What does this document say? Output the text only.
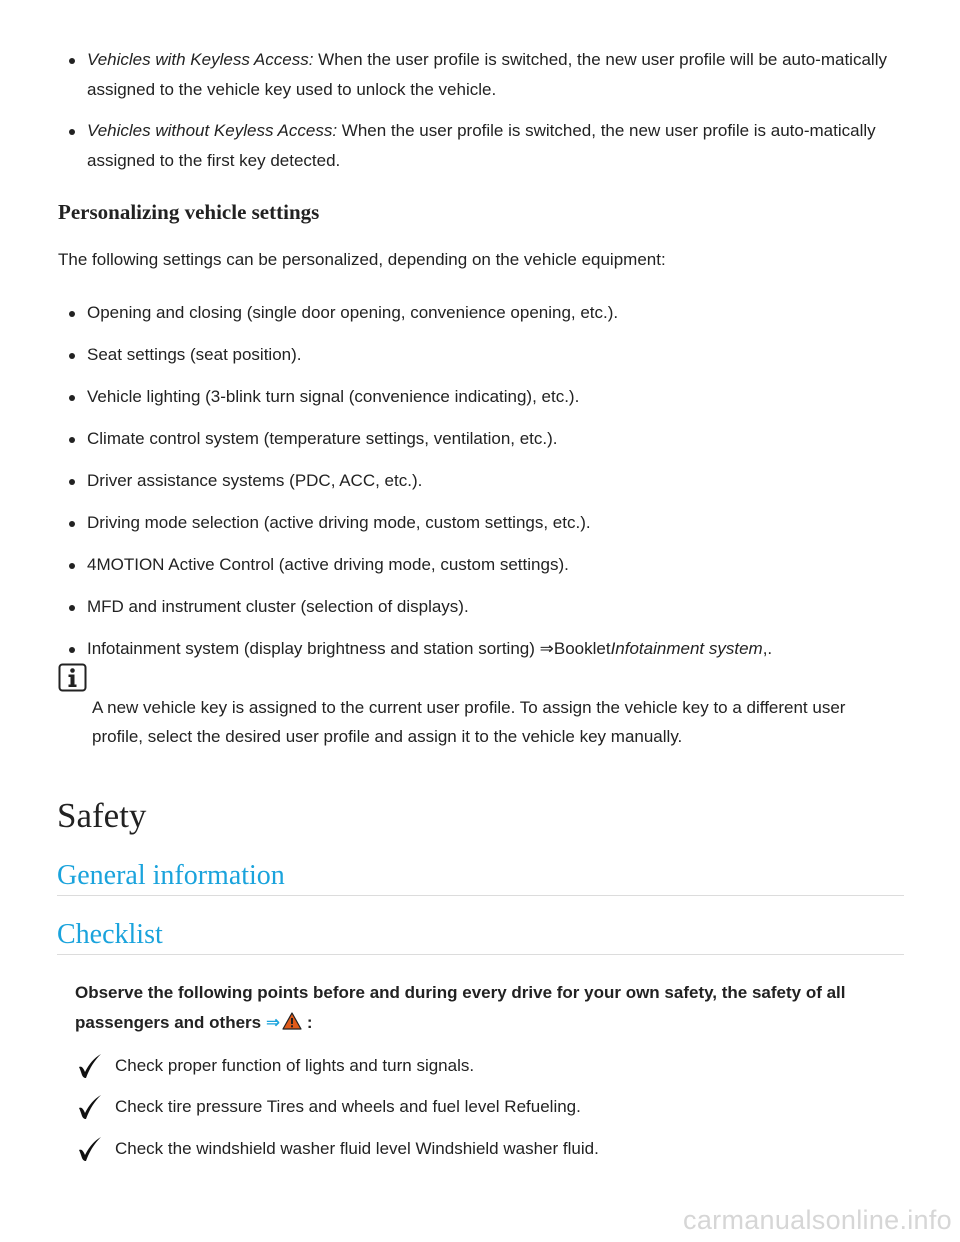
Vehicles with Keyless Access: When the user profile is switched, the new user profile will be auto-matically assigned to the vehicle key used to unlock the vehicle.
Vehicles without Keyless Access: When the user profile is switched, the new user profile is auto-matically assigned to the first key detected.
Personalizing vehicle settings

The following settings can be personalized, depending on the vehicle equipment:

Opening and closing (single door opening, convenience opening, etc.).
Seat settings (seat position).
Vehicle lighting (3-blink turn signal (convenience indicating), etc.).
Climate control system (temperature settings, ventilation, etc.).
Driver assistance systems (PDC, ACC, etc.).
Driving mode selection (active driving mode, custom settings, etc.).
4MOTION Active Control (active driving mode, custom settings).
MFD and instrument cluster (selection of displays).
Infotainment system (display brightness and station sorting) ⇒BookletInfotainment system,.

A new vehicle key is assigned to the current user profile. To assign the vehicle key to a different user profile, select the desired user profile and assign it to the vehicle key manually.

Safety
General information
Checklist

Observe the following points before and during every drive for your own safety, the safety of all passengers and others ⇒ :

Check proper function of lights and turn signals.
Check tire pressure Tires and wheels and fuel level Refueling.
Check the windshield washer fluid level Windshield washer fluid.
carmanualsonline.info
